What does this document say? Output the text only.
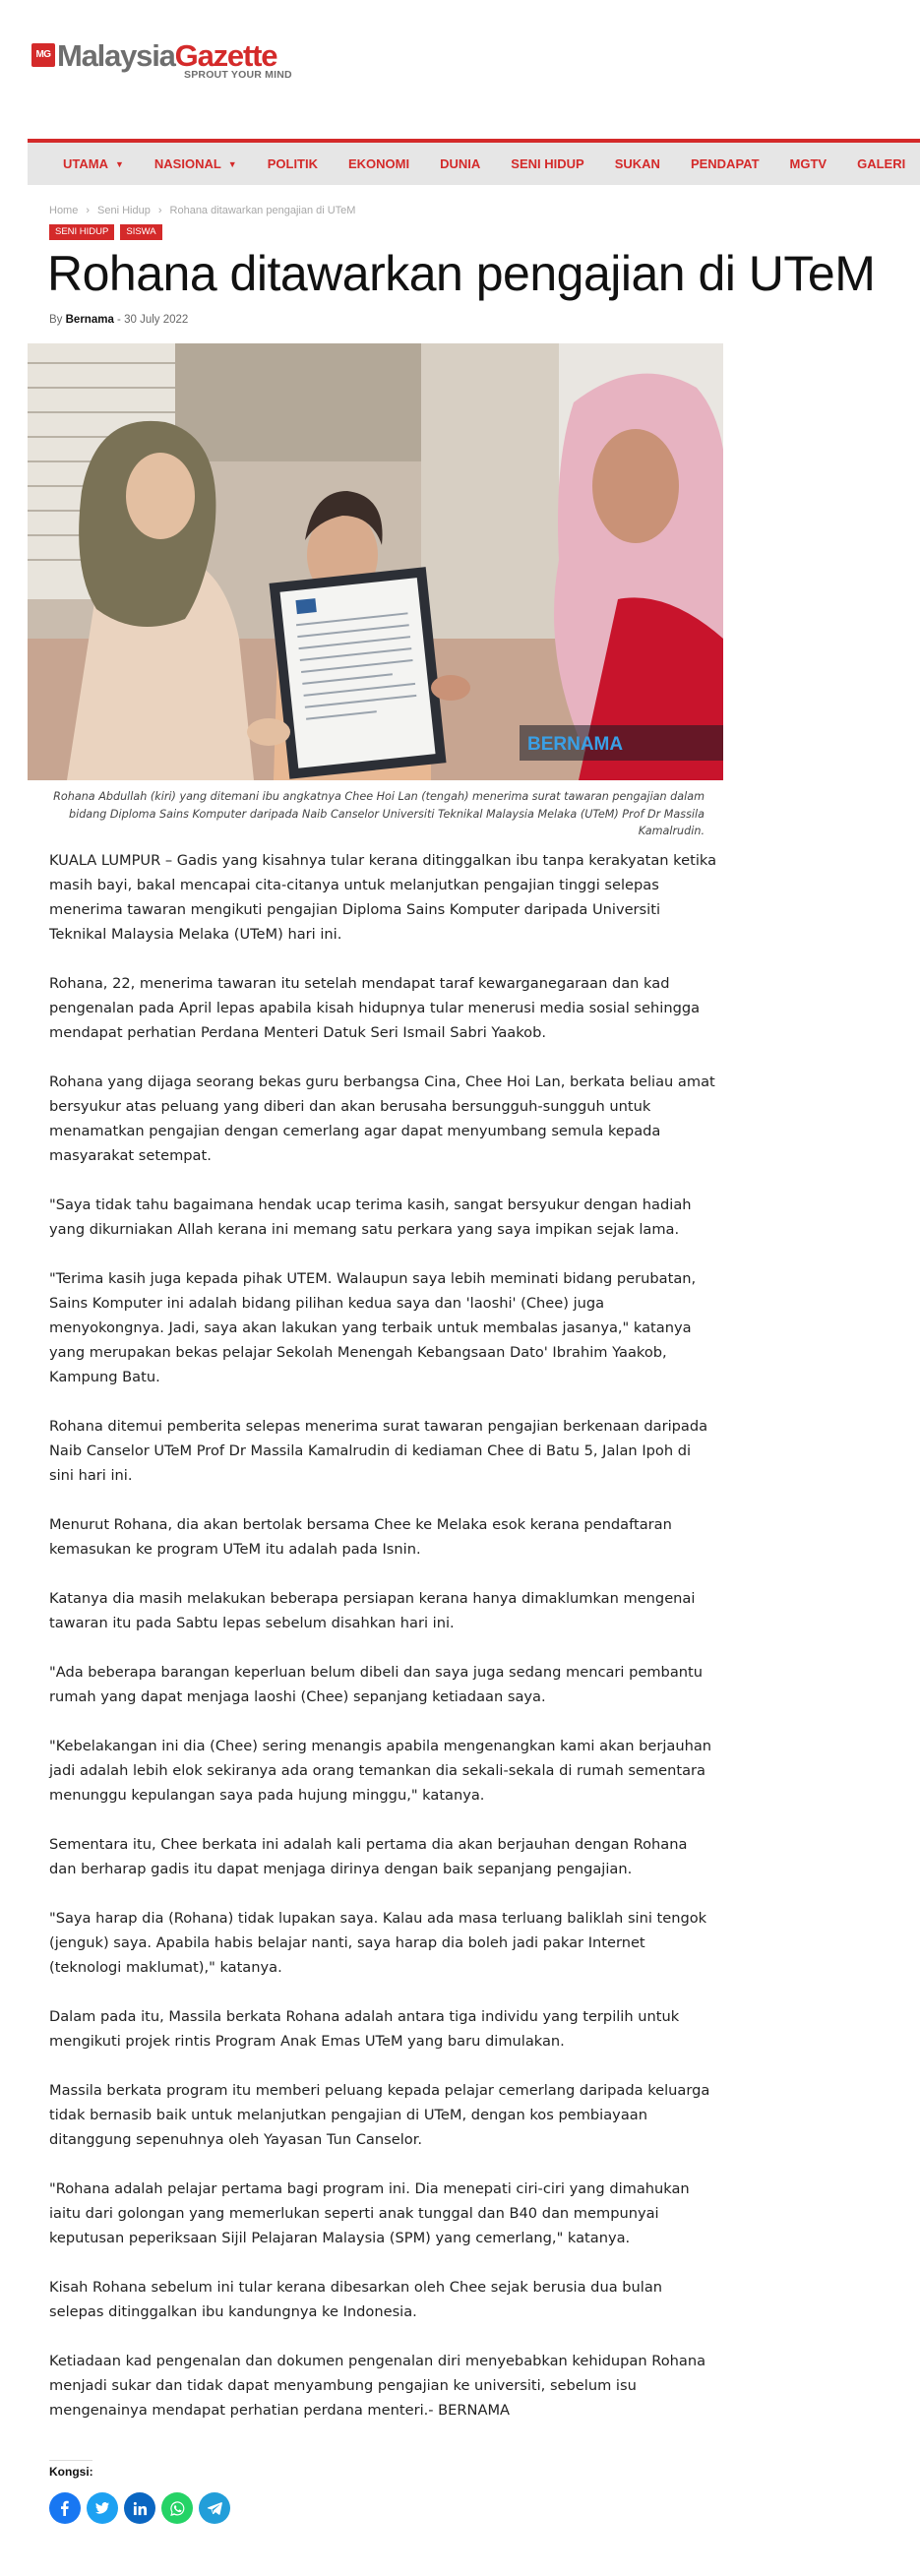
MG MalaysiaGazette
SPROUT YOUR MIND
UTAMA ▼ NASIONAL ▼ POLITIK EKONOMI DUNIA SENI HIDUP SUKAN PENDAPAT MGTV GALERI
Home › Seni Hidup › Rohana ditawarkan pengajian di UTeM
SENI HIDUP	SISWA
Rohana ditawarkan pengajian di UTeM
By Bernama - 30 July 2022
BERNAMA
Rohana Abdullah (kiri) yang ditemani ibu angkatnya Chee Hoi Lan (tengah) menerima surat tawaran pengajian dalam bidang Diploma Sains Komputer daripada Naib Canselor Universiti Teknikal Malaysia Melaka (UTeM) Prof Dr Massila Kamalrudin.

KUALA LUMPUR – Gadis yang kisahnya tular kerana ditinggalkan ibu tanpa kerakyatan ketika masih bayi, bakal mencapai cita-citanya untuk melanjutkan pengajian tinggi selepas menerima tawaran mengikuti pengajian Diploma Sains Komputer daripada Universiti Teknikal Malaysia Melaka (UTeM) hari ini.

Rohana, 22, menerima tawaran itu setelah mendapat taraf kewarganegaraan dan kad pengenalan pada April lepas apabila kisah hidupnya tular menerusi media sosial sehingga mendapat perhatian Perdana Menteri Datuk Seri Ismail Sabri Yaakob.

Rohana yang dijaga seorang bekas guru berbangsa Cina, Chee Hoi Lan, berkata beliau amat bersyukur atas peluang yang diberi dan akan berusaha bersungguh-sungguh untuk menamatkan pengajian dengan cemerlang agar dapat menyumbang semula kepada masyarakat setempat.

"Saya tidak tahu bagaimana hendak ucap terima kasih, sangat bersyukur dengan hadiah yang dikurniakan Allah kerana ini memang satu perkara yang saya impikan sejak lama.

"Terima kasih juga kepada pihak UTEM. Walaupun saya lebih meminati bidang perubatan, Sains Komputer ini adalah bidang pilihan kedua saya dan 'laoshi' (Chee) juga menyokongnya. Jadi, saya akan lakukan yang terbaik untuk membalas jasanya," katanya yang merupakan bekas pelajar Sekolah Menengah Kebangsaan Dato' Ibrahim Yaakob, Kampung Batu.

Rohana ditemui pemberita selepas menerima surat tawaran pengajian berkenaan daripada Naib Canselor UTeM Prof Dr Massila Kamalrudin di kediaman Chee di Batu 5, Jalan Ipoh di sini hari ini.

Menurut Rohana, dia akan bertolak bersama Chee ke Melaka esok kerana pendaftaran kemasukan ke program UTeM itu adalah pada Isnin.

Katanya dia masih melakukan beberapa persiapan kerana hanya dimaklumkan mengenai tawaran itu pada Sabtu lepas sebelum disahkan hari ini.

"Ada beberapa barangan keperluan belum dibeli dan saya juga sedang mencari pembantu rumah yang dapat menjaga laoshi (Chee) sepanjang ketiadaan saya.

"Kebelakangan ini dia (Chee) sering menangis apabila mengenangkan kami akan berjauhan jadi adalah lebih elok sekiranya ada orang temankan dia sekali-sekala di rumah sementara menunggu kepulangan saya pada hujung minggu," katanya.

Sementara itu, Chee berkata ini adalah kali pertama dia akan berjauhan dengan Rohana dan berharap gadis itu dapat menjaga dirinya dengan baik sepanjang pengajian.

"Saya harap dia (Rohana) tidak lupakan saya. Kalau ada masa terluang baliklah sini tengok (jenguk) saya. Apabila habis belajar nanti, saya harap dia boleh jadi pakar Internet (teknologi maklumat)," katanya.

Dalam pada itu, Massila berkata Rohana adalah antara tiga individu yang terpilih untuk mengikuti projek rintis Program Anak Emas UTeM yang baru dimulakan.

Massila berkata program itu memberi peluang kepada pelajar cemerlang daripada keluarga tidak bernasib baik untuk melanjutkan pengajian di UTeM, dengan kos pembiayaan ditanggung sepenuhnya oleh Yayasan Tun Canselor.

"Rohana adalah pelajar pertama bagi program ini. Dia menepati ciri-ciri yang dimahukan iaitu dari golongan yang memerlukan seperti anak tunggal dan B40 dan mempunyai keputusan peperiksaan Sijil Pelajaran Malaysia (SPM) yang cemerlang," katanya.

Kisah Rohana sebelum ini tular kerana dibesarkan oleh Chee sejak berusia dua bulan selepas ditinggalkan ibu kandungnya ke Indonesia.

Ketiadaan kad pengenalan dan dokumen pengenalan diri menyebabkan kehidupan Rohana menjadi sukar dan tidak dapat menyambung pengajian ke universiti, sebelum isu mengenainya mendapat perhatian perdana menteri.- BERNAMA

Kongsi:
